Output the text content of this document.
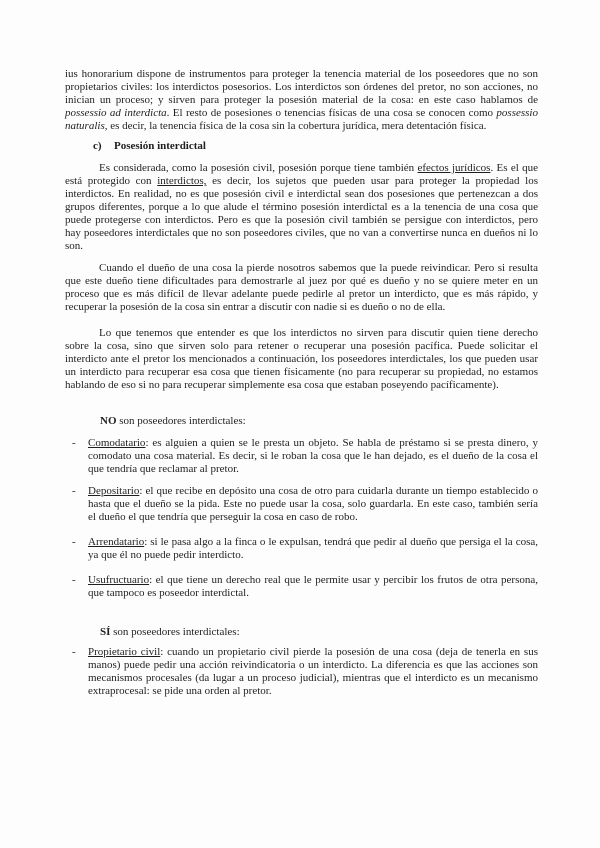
ius honorarium dispone de instrumentos para proteger la tenencia material de los poseedores que no son propietarios civiles: los interdictos posesorios. Los interdictos son órdenes del pretor, no son acciones, no inician un proceso; y sirven para proteger la posesión material de la cosa: en este caso hablamos de possessio ad interdicta. El resto de posesiones o tenencias físicas de una cosa se conocen como possessio naturalis, es decir, la tenencia física de la cosa sin la cobertura jurídica, mera detentación física.

c) Posesión interdictal

Es considerada, como la posesión civil, posesión porque tiene también efectos jurídicos. Es el que está protegido con interdictos, es decir, los sujetos que pueden usar para proteger la propiedad los interdictos. En realidad, no es que posesión civil e interdictal sean dos posesiones que pertenezcan a dos grupos diferentes, porque a lo que alude el término posesión interdictal es a la tenencia de una cosa que puede protegerse con interdictos. Pero es que la posesión civil también se persigue con interdictos, pero hay poseedores interdictales que no son poseedores civiles, que no van a convertirse nunca en dueños ni lo son.

Cuando el dueño de una cosa la pierde nosotros sabemos que la puede reivindicar. Pero si resulta que este dueño tiene dificultades para demostrarle al juez por qué es dueño y no se quiere meter en un proceso que es más difícil de llevar adelante puede pedirle al pretor un interdicto, que es más rápido, y recuperar la posesión de la cosa sin entrar a discutir con nadie si es dueño o no de ella.

Lo que tenemos que entender es que los interdictos no sirven para discutir quien tiene derecho sobre la cosa, sino que sirven solo para retener o recuperar una posesión pacífica. Puede solicitar el interdicto ante el pretor los mencionados a continuación, los poseedores interdictales, los que pueden usar un interdicto para recuperar esa cosa que tienen físicamente (no para recuperar su propiedad, no estamos hablando de eso si no para recuperar simplemente esa cosa que estaban poseyendo pacíficamente).

NO son poseedores interdictales:

-	Comodatario: es alguien a quien se le presta un objeto. Se habla de préstamo si se presta dinero, y comodato una cosa material. Es decir, si le roban la cosa que le han dejado, es el dueño de la cosa el que tendría que reclamar al pretor.
-	Depositario: el que recibe en depósito una cosa de otro para cuidarla durante un tiempo establecido o hasta que el dueño se la pida. Este no puede usar la cosa, solo guardarla. En este caso, también sería el dueño el que tendría que perseguir la cosa en caso de robo.
-	Arrendatario: si le pasa algo a la finca o le expulsan, tendrá que pedir al dueño que persiga el la cosa, ya que él no puede pedir interdicto.
-	Usufructuario: el que tiene un derecho real que le permite usar y percibir los frutos de otra persona, que tampoco es poseedor interdictal.

SÍ son poseedores interdictales:

-	Propietario civil: cuando un propietario civil pierde la posesión de una cosa (deja de tenerla en sus manos) puede pedir una acción reivindicatoria o un interdicto. La diferencia es que las acciones son mecanismos procesales (da lugar a un proceso judicial), mientras que el interdicto es un mecanismo extraprocesal: se pide una orden al pretor.
